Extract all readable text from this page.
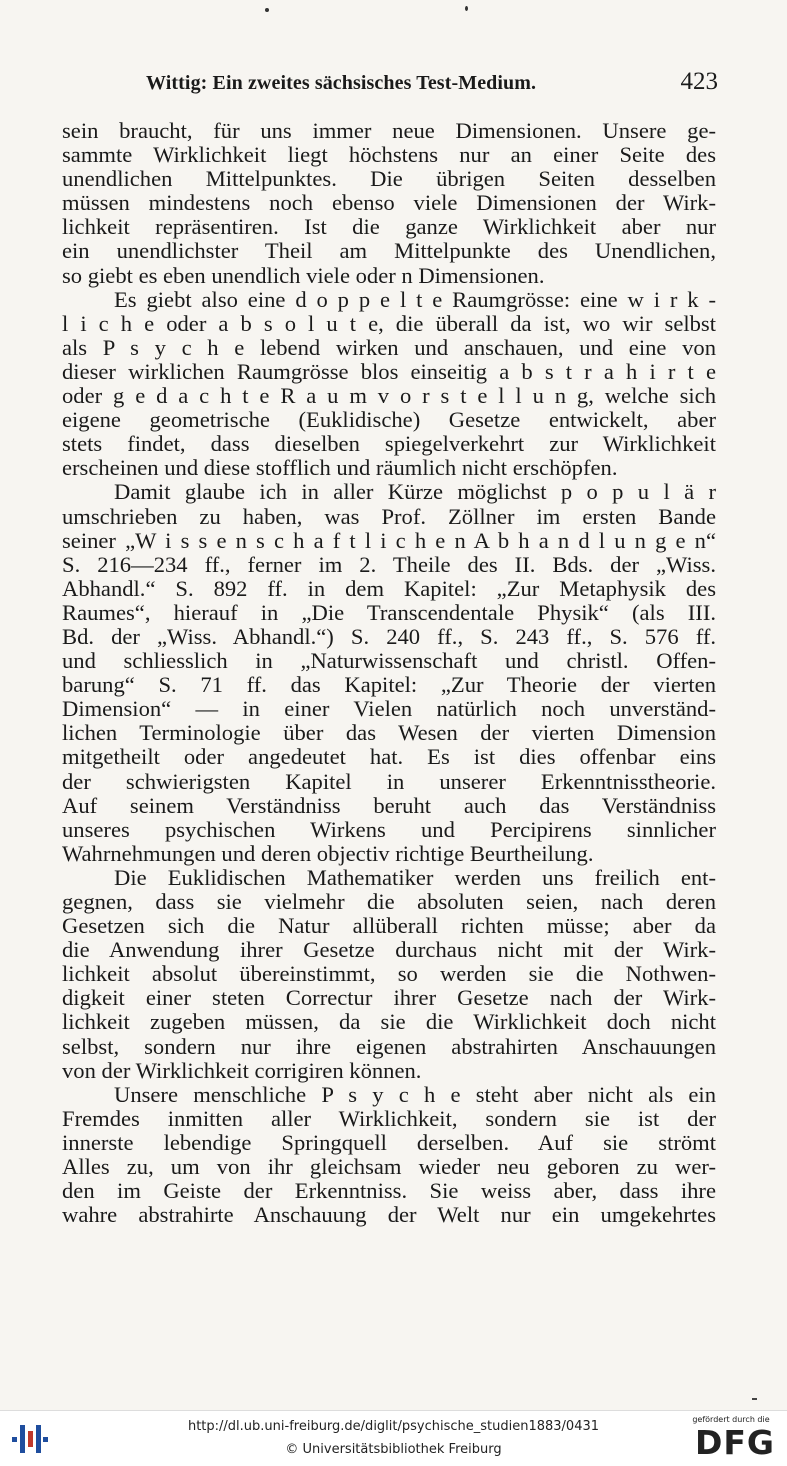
Wittig: Ein zweites sächsisches Test-Medium.	423
sein braucht, für uns immer neue Dimensionen. Unsere ge-
sammte Wirklichkeit liegt höchstens nur an einer Seite des
unendlichen Mittelpunktes. Die übrigen Seiten desselben
müssen mindestens noch ebenso viele Dimensionen der Wirk-
lichkeit repräsentiren. Ist die ganze Wirklichkeit aber nur
ein unendlichster Theil am Mittelpunkte des Unendlichen,
so giebt es eben unendlich viele oder n Dimensionen.
Es giebt also eine d o p p e l t e Raumgrösse: eine w i r k -
l i c h e oder a b s o l u t e, die überall da ist, wo wir selbst
als P s y c h e lebend wirken und anschauen, und eine von
dieser wirklichen Raumgrösse blos einseitig a b s t r a h i r t e
oder g e d a c h t e R a u m v o r s t e l l u n g, welche sich
eigene geometrische (Euklidische) Gesetze entwickelt, aber
stets findet, dass dieselben spiegelverkehrt zur Wirklichkeit
erscheinen und diese stofflich und räumlich nicht erschöpfen.
Damit glaube ich in aller Kürze möglichst p o p u l ä r
umschrieben zu haben, was Prof. Zöllner im ersten Bande
seiner „W i s s e n s c h a f t l i c h e n A b h a n d l u n g e n“
S. 216—234 ff., ferner im 2. Theile des II. Bds. der „Wiss.
Abhandl.“ S. 892 ff. in dem Kapitel: „Zur Metaphysik des
Raumes“, hierauf in „Die Transcendentale Physik“ (als III.
Bd. der „Wiss. Abhandl.“) S. 240 ff., S. 243 ff., S. 576 ff.
und schliesslich in „Naturwissenschaft und christl. Offen-
barung“ S. 71 ff. das Kapitel: „Zur Theorie der vierten
Dimension“ — in einer Vielen natürlich noch unverständ-
lichen Terminologie über das Wesen der vierten Dimension
mitgetheilt oder angedeutet hat. Es ist dies offenbar eins
der schwierigsten Kapitel in unserer Erkenntnisstheorie.
Auf seinem Verständniss beruht auch das Verständniss
unseres psychischen Wirkens und Percipirens sinnlicher
Wahrnehmungen und deren objectiv richtige Beurtheilung.
Die Euklidischen Mathematiker werden uns freilich ent-
gegnen, dass sie vielmehr die absoluten seien, nach deren
Gesetzen sich die Natur allüberall richten müsse; aber da
die Anwendung ihrer Gesetze durchaus nicht mit der Wirk-
lichkeit absolut übereinstimmt, so werden sie die Nothwen-
digkeit einer steten Correctur ihrer Gesetze nach der Wirk-
lichkeit zugeben müssen, da sie die Wirklichkeit doch nicht
selbst, sondern nur ihre eigenen abstrahirten Anschauungen
von der Wirklichkeit corrigiren können.
Unsere menschliche P s y c h e steht aber nicht als ein
Fremdes inmitten aller Wirklichkeit, sondern sie ist der
innerste lebendige Springquell derselben. Auf sie strömt
Alles zu, um von ihr gleichsam wieder neu geboren zu wer-
den im Geiste der Erkenntniss. Sie weiss aber, dass ihre
wahre abstrahirte Anschauung der Welt nur ein umgekehrtes
http://dl.ub.uni-freiburg.de/diglit/psychische_studien1883/0431
© Universitätsbibliothek Freiburg
gefördert durch die
DFG
